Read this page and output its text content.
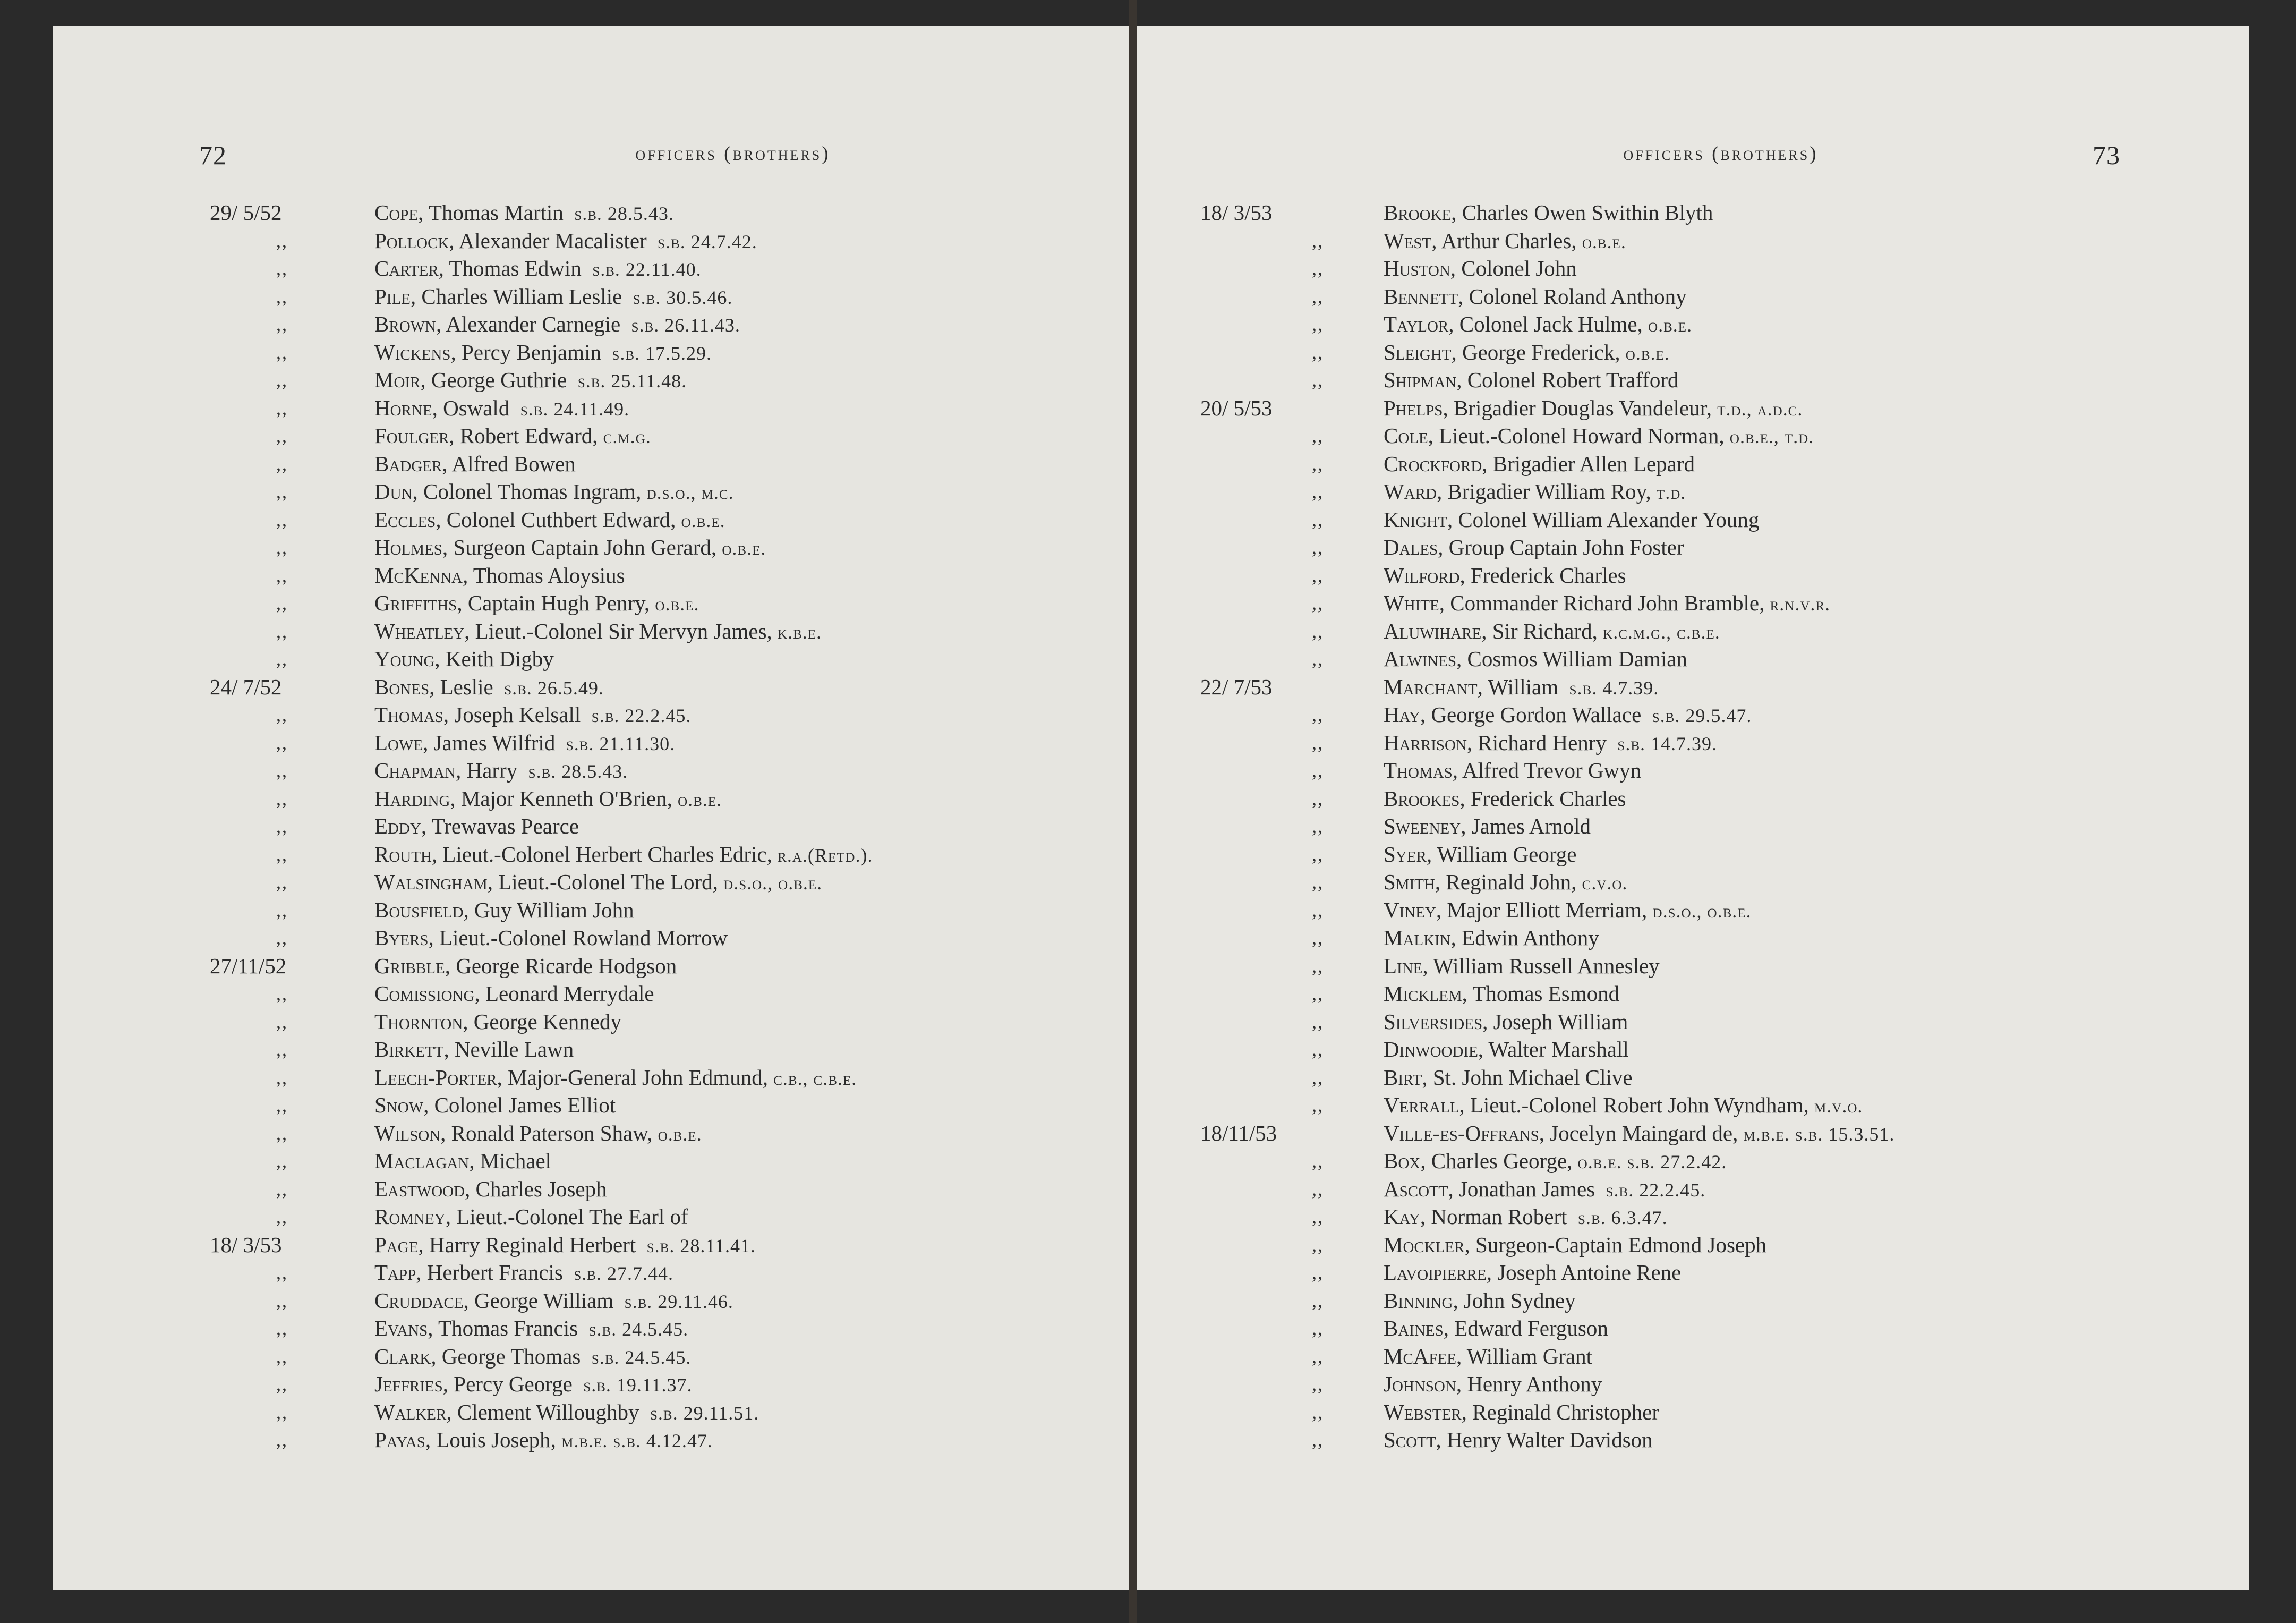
72	officers (brothers)
29/ 5/52	Cope, Thomas Martin s.b. 28.5.43.
,,	Pollock, Alexander Macalister s.b. 24.7.42.
,,	Carter, Thomas Edwin s.b. 22.11.40.
,,	Pile, Charles William Leslie s.b. 30.5.46.
,,	Brown, Alexander Carnegie s.b. 26.11.43.
,,	Wickens, Percy Benjamin s.b. 17.5.29.
,,	Moir, George Guthrie s.b. 25.11.48.
,,	Horne, Oswald s.b. 24.11.49.
,,	Foulger, Robert Edward, c.m.g.
,,	Badger, Alfred Bowen
,,	Dun, Colonel Thomas Ingram, d.s.o., m.c.
,,	Eccles, Colonel Cuthbert Edward, o.b.e.
,,	Holmes, Surgeon Captain John Gerard, o.b.e.
,,	McKenna, Thomas Aloysius
,,	Griffiths, Captain Hugh Penry, o.b.e.
,,	Wheatley, Lieut.-Colonel Sir Mervyn James, k.b.e.
,,	Young, Keith Digby
24/ 7/52	Bones, Leslie s.b. 26.5.49.
,,	Thomas, Joseph Kelsall s.b. 22.2.45.
,,	Lowe, James Wilfrid s.b. 21.11.30.
,,	Chapman, Harry s.b. 28.5.43.
,,	Harding, Major Kenneth O'Brien, o.b.e.
,,	Eddy, Trewavas Pearce
,,	Routh, Lieut.-Colonel Herbert Charles Edric, r.a.(Retd.).
,,	Walsingham, Lieut.-Colonel The Lord, d.s.o., o.b.e.
,,	Bousfield, Guy William John
,,	Byers, Lieut.-Colonel Rowland Morrow
27/11/52	Gribble, George Ricarde Hodgson
,,	Comissiong, Leonard Merrydale
,,	Thornton, George Kennedy
,,	Birkett, Neville Lawn
,,	Leech-Porter, Major-General John Edmund, c.b., c.b.e.
,,	Snow, Colonel James Elliot
,,	Wilson, Ronald Paterson Shaw, o.b.e.
,,	Maclagan, Michael
,,	Eastwood, Charles Joseph
,,	Romney, Lieut.-Colonel The Earl of
18/ 3/53	Page, Harry Reginald Herbert s.b. 28.11.41.
,,	Tapp, Herbert Francis s.b. 27.7.44.
,,	Cruddace, George William s.b. 29.11.46.
,,	Evans, Thomas Francis s.b. 24.5.45.
,,	Clark, George Thomas s.b. 24.5.45.
,,	Jeffries, Percy George s.b. 19.11.37.
,,	Walker, Clement Willoughby s.b. 29.11.51.
,,	Payas, Louis Joseph, m.b.e. s.b. 4.12.47.
73
officers (brothers)
18/ 3/53	Brooke, Charles Owen Swithin Blyth
,,	West, Arthur Charles, o.b.e.
,,	Huston, Colonel John
,,	Bennett, Colonel Roland Anthony
,,	Taylor, Colonel Jack Hulme, o.b.e.
,,	Sleight, George Frederick, o.b.e.
,,	Shipman, Colonel Robert Trafford
20/ 5/53	Phelps, Brigadier Douglas Vandeleur, t.d., a.d.c.
,,	Cole, Lieut.-Colonel Howard Norman, o.b.e., t.d.
,,	Crockford, Brigadier Allen Lepard
,,	Ward, Brigadier William Roy, t.d.
,,	Knight, Colonel William Alexander Young
,,	Dales, Group Captain John Foster
,,	Wilford, Frederick Charles
,,	White, Commander Richard John Bramble, r.n.v.r.
,,	Aluwihare, Sir Richard, k.c.m.g., c.b.e.
,,	Alwines, Cosmos William Damian
22/ 7/53	Marchant, William s.b. 4.7.39.
,,	Hay, George Gordon Wallace s.b. 29.5.47.
,,	Harrison, Richard Henry s.b. 14.7.39.
,,	Thomas, Alfred Trevor Gwyn
,,	Brookes, Frederick Charles
,,	Sweeney, James Arnold
,,	Syer, William George
,,	Smith, Reginald John, c.v.o.
,,	Viney, Major Elliott Merriam, d.s.o., o.b.e.
,,	Malkin, Edwin Anthony
,,	Line, William Russell Annesley
,,	Micklem, Thomas Esmond
,,	Silversides, Joseph William
,,	Dinwoodie, Walter Marshall
,,	Birt, St. John Michael Clive
,,	Verrall, Lieut.-Colonel Robert John Wyndham, m.v.o.
18/11/53	Ville-es-Offrans, Jocelyn Maingard de, m.b.e. s.b. 15.3.51.
,,	Box, Charles George, o.b.e. s.b. 27.2.42.
,,	Ascott, Jonathan James s.b. 22.2.45.
,,	Kay, Norman Robert s.b. 6.3.47.
,,	Mockler, Surgeon-Captain Edmond Joseph
,,	Lavoipierre, Joseph Antoine Rene
,,	Binning, John Sydney
,,	Baines, Edward Ferguson
,,	McAfee, William Grant
,,	Johnson, Henry Anthony
,,	Webster, Reginald Christopher
,,	Scott, Henry Walter Davidson
